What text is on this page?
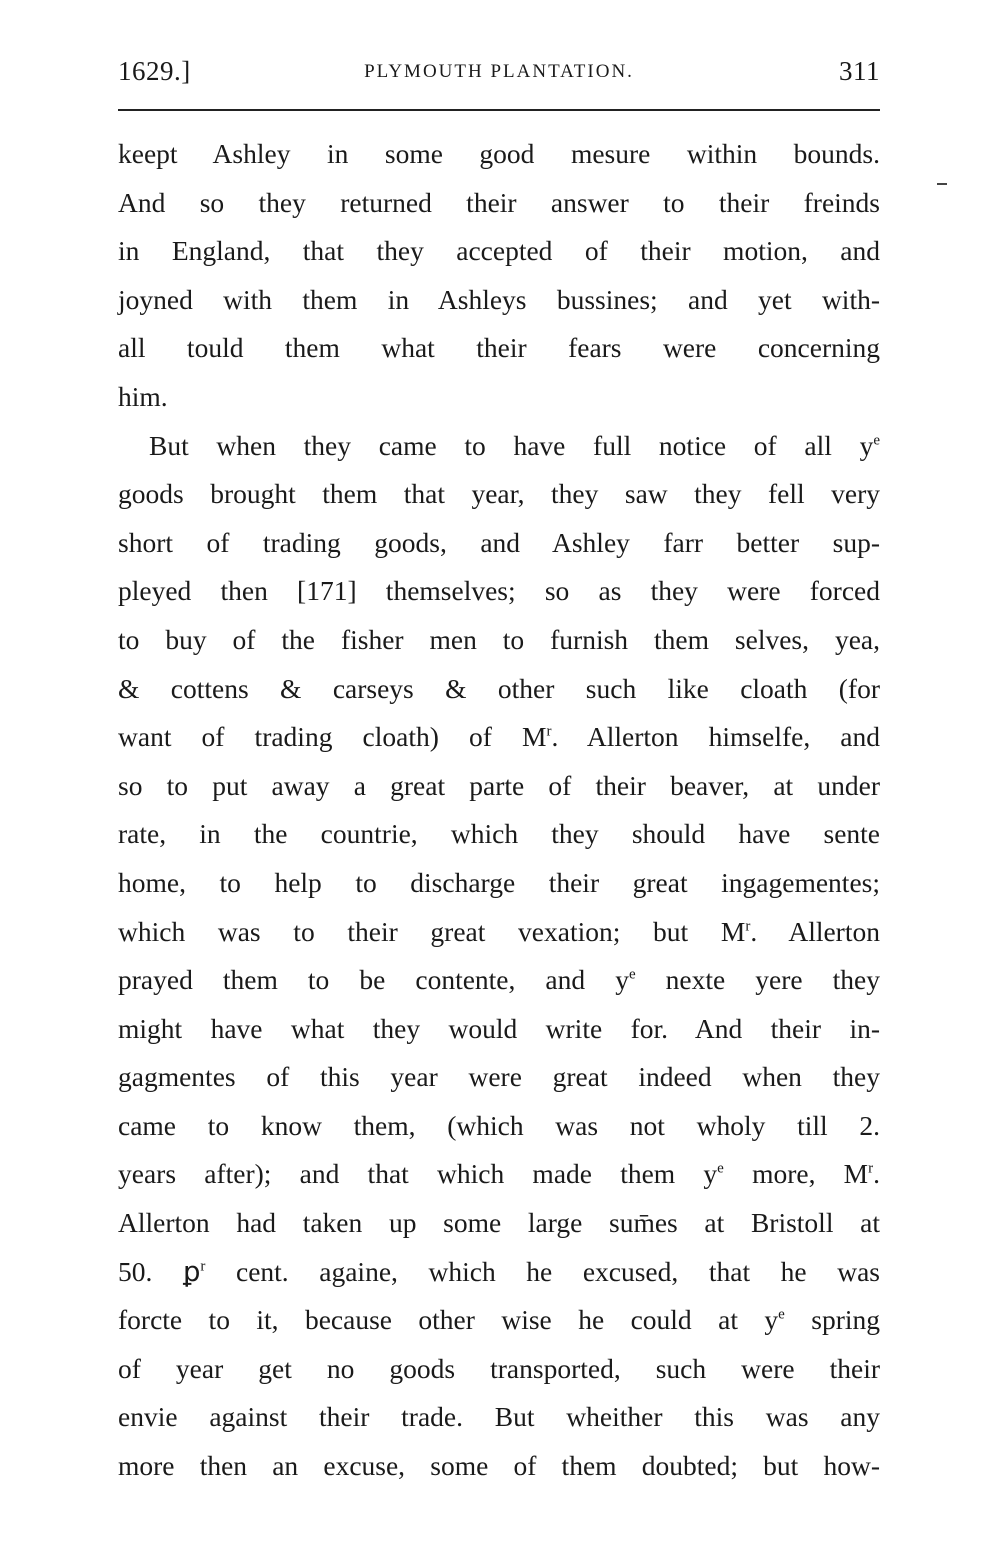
1629.]	PLYMOUTH PLANTATION.	311
keept Ashley in some good mesure within bounds.
And so they returned their answer to their freinds
in England, that they accepted of their motion, and
joyned with them in Ashleys bussines; and yet with-
all tould them what their fears were concerning
him.
But when they came to have full notice of all $y^e$
goods brought them that year, they saw they fell very
short of trading goods, and Ashley farr better sup-
pleyed then [171] themselves; so as they were forced
to buy of the fisher men to furnish them selves, yea,
& cottens & carseys & other such like cloath (for
want of trading cloath) of $M^r$. Allerton himselfe, and
so to put away a great parte of their beaver, at under
rate, in the countrie, which they should have sente
home, to help to discharge their great ingagementes;
which was to their great vexation; but $M^r$. Allerton
prayed them to be contente, and $y^e$ nexte yere they
might have what they would write for. And their in-
gagmentes of this year were great indeed when they
came to know them, (which was not wholy till 2.
years after); and that which made them $y^e$ more, $M^r$.
Allerton had taken up some large sum̄es at Bristoll at
50. ꝑ$^r$ cent. againe, which he excused, that he was
forcte to it, because other wise he could at $y^e$ spring
of year get no goods transported, such were their
envie against their trade. But wheither this was any
more then an excuse, some of them doubted; but how-
